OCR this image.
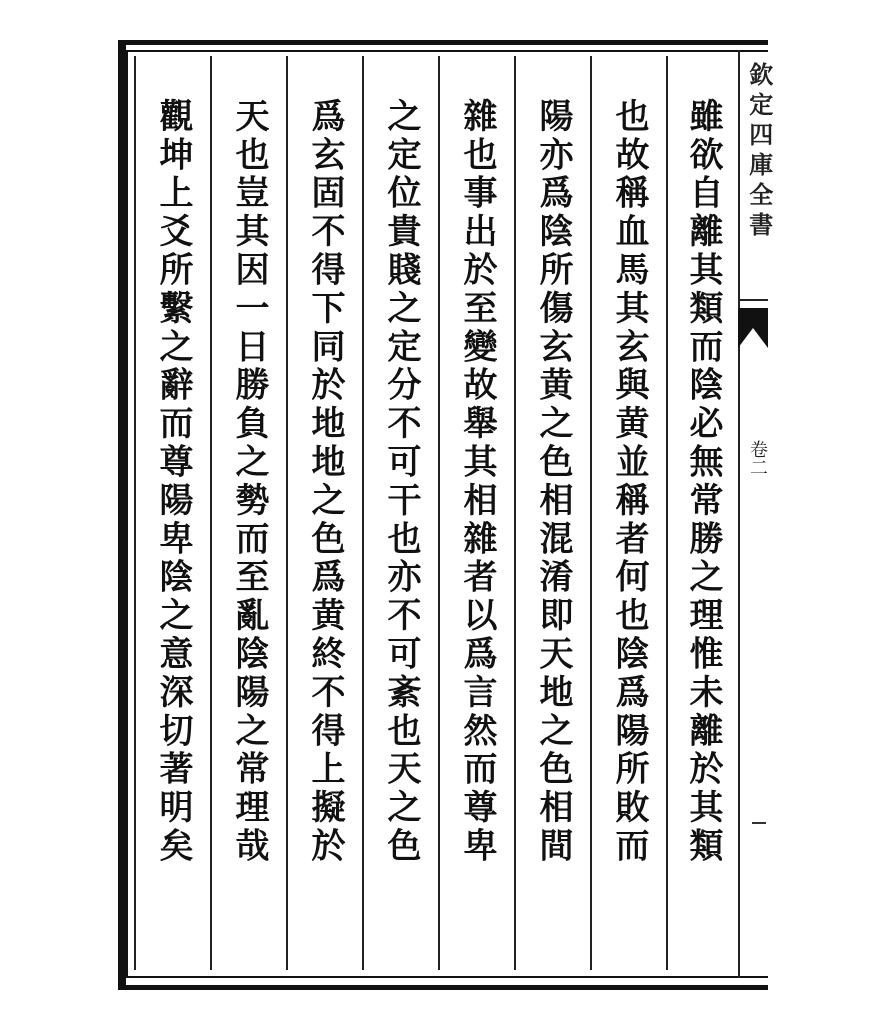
欽定四庫全書
卷二
雖欲自離其類而陰必無常勝之理惟未離於其類
也故稱血馬其玄與黄並稱者何也陰爲陽所敗而
陽亦爲陰所傷玄黄之色相混淆即天地之色相間
雜也事出於至變故舉其相雜者以爲言然而尊卑
之定位貴賤之定分不可干也亦不可紊也天之色
爲玄固不得下同於地地之色爲黄終不得上擬於
天也豈其因一日勝負之勢而至亂陰陽之常理哉
觀坤上爻所繫之辭而尊陽卑陰之意深切著明矣
